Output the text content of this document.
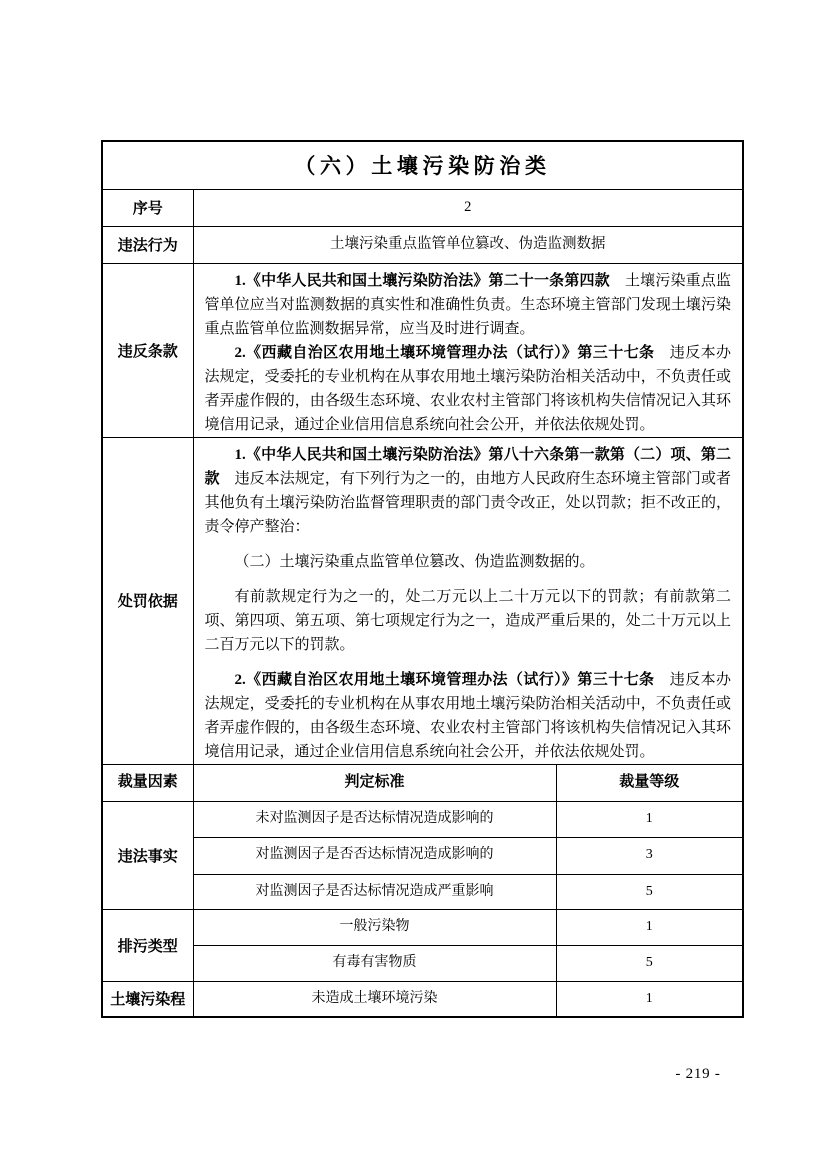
（六）土壤污染防治类		
序号	2	
违法行为	土壤污染重点监管单位篡改、伪造监测数据	
违反条款	1.《中华人民共和国土壤污染防治法》第二十一条第四款　土壤污染重点监管单位应当对监测数据的真实性和准确性负责。生态环境主管部门发现土壤污染重点监管单位监测数据异常，应当及时进行调查。

2.《西藏自治区农用地土壤环境管理办法（试行）》第三十七条　违反本办法规定，受委托的专业机构在从事农用地土壤污染防治相关活动中，不负责任或者弄虚作假的，由各级生态环境、农业农村主管部门将该机构失信情况记入其环境信用记录，通过企业信用信息系统向社会公开，并依法依规处罚。	

处罚依据	1.《中华人民共和国土壤污染防治法》第八十六条第一款第（二）项、第二款　违反本法规定，有下列行为之一的，由地方人民政府生态环境主管部门或者其他负有土壤污染防治监督管理职责的部门责令改正，处以罚款；拒不改正的，责令停产整治：

（二）土壤污染重点监管单位篡改、伪造监测数据的。

有前款规定行为之一的，处二万元以上二十万元以下的罚款；有前款第二项、第四项、第五项、第七项规定行为之一，造成严重后果的，处二十万元以上二百万元以下的罚款。

2.《西藏自治区农用地土壤环境管理办法（试行）》第三十七条　违反本办法规定，受委托的专业机构在从事农用地土壤污染防治相关活动中，不负责任或者弄虚作假的，由各级生态环境、农业农村主管部门将该机构失信情况记入其环境信用记录，通过企业信用信息系统向社会公开，并依法依规处罚。	

裁量因素	判定标准	裁量等级
违法事实	未对监测因子是否达标情况造成影响的	1
	对监测因子是否否达标情况造成影响的	3
	对监测因子是否达标情况造成严重影响	5
排污类型	一般污染物	1
	有毒有害物质	5
土壤污染程	未造成土壤环境污染	1
- 219 -
